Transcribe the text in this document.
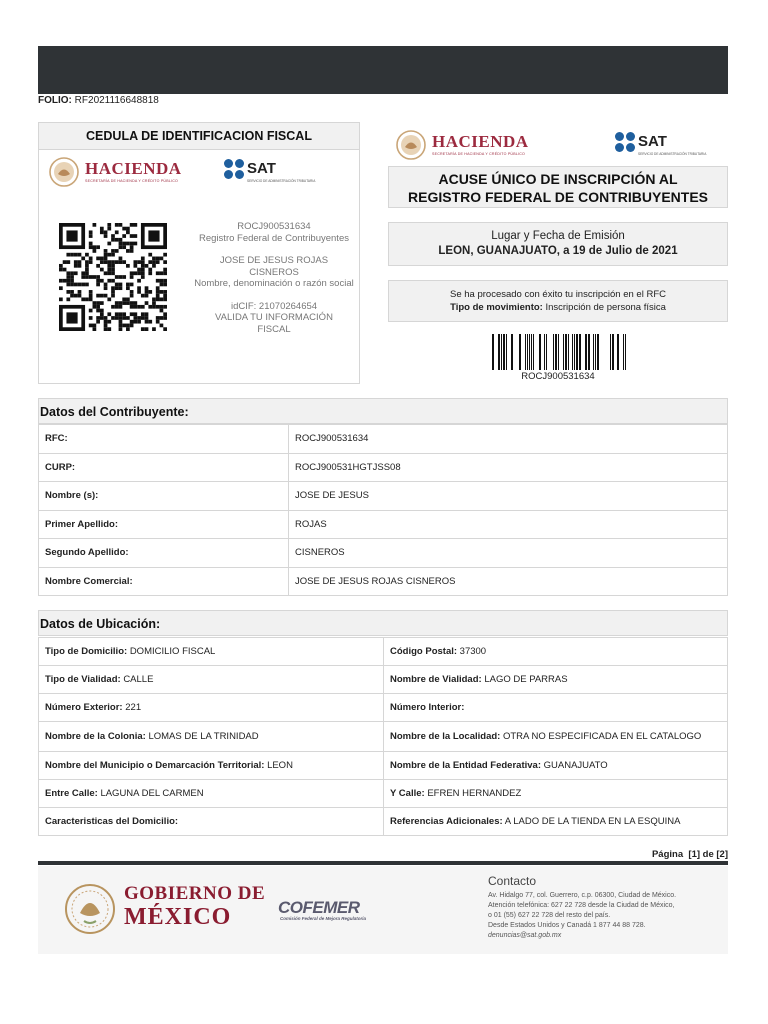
FOLIO: RF2021116648818
CEDULA DE IDENTIFICACION FISCAL
HACIENDA
SECRETARÍA DE HACIENDA Y CRÉDITO PÚBLICO
SAT
SERVICIO DE ADMINISTRACIÓN TRIBUTARIA
ROCJ900531634
Registro Federal de Contribuyentes
JOSE DE JESUS ROJAS CISNEROS
Nombre, denominación o razón social
idCIF: 21070264654
VALIDA TU INFORMACIÓN FISCAL
HACIENDA
SECRETARÍA DE HACIENDA Y CRÉDITO PÚBLICO
SAT
SERVICIO DE ADMINISTRACIÓN TRIBUTARIA
ACUSE ÚNICO DE INSCRIPCIÓN AL
REGISTRO FEDERAL DE CONTRIBUYENTES
Lugar y Fecha de Emisión
LEON, GUANAJUATO, a 19 de Julio de 2021
Se ha procesado con éxito tu inscripción en el RFC
Tipo de movimiento: Inscripción de persona física
ROCJ900531634
Datos del Contribuyente:
RFC:	ROCJ900531634
CURP:	ROCJ900531HGTJSS08
Nombre (s):	JOSE DE JESUS
Primer Apellido:	ROJAS
Segundo Apellido:	CISNEROS
Nombre Comercial:	JOSE DE JESUS ROJAS CISNEROS
Datos de Ubicación:
Tipo de Domicilio: DOMICILIO FISCAL	Código Postal: 37300
Tipo de Vialidad: CALLE	Nombre de Vialidad: LAGO DE PARRAS
Número Exterior: 221	Número Interior:
Nombre de la Colonia: LOMAS DE LA TRINIDAD	Nombre de la Localidad: OTRA NO ESPECIFICADA EN EL CATALOGO
Nombre del Municipio o Demarcación Territorial: LEON	Nombre de la Entidad Federativa: GUANAJUATO
Entre Calle: LAGUNA DEL CARMEN	Y Calle: EFREN HERNANDEZ
Caracteristicas del Domicilio:	Referencias Adicionales: A LADO DE LA TIENDA EN LA ESQUINA
Página [1] de [2]
GOBIERNO DE
MÉXICO	COFEMER
Comisión Federal de Mejora Regulatoria
Contacto
Av. Hidalgo 77, col. Guerrero, c.p. 06300, Ciudad de México.
Atención telefónica: 627 22 728 desde la Ciudad de México,
o 01 (55) 627 22 728 del resto del país.
Desde Estados Unidos y Canadá 1 877 44 88 728.
denuncias@sat.gob.mx
